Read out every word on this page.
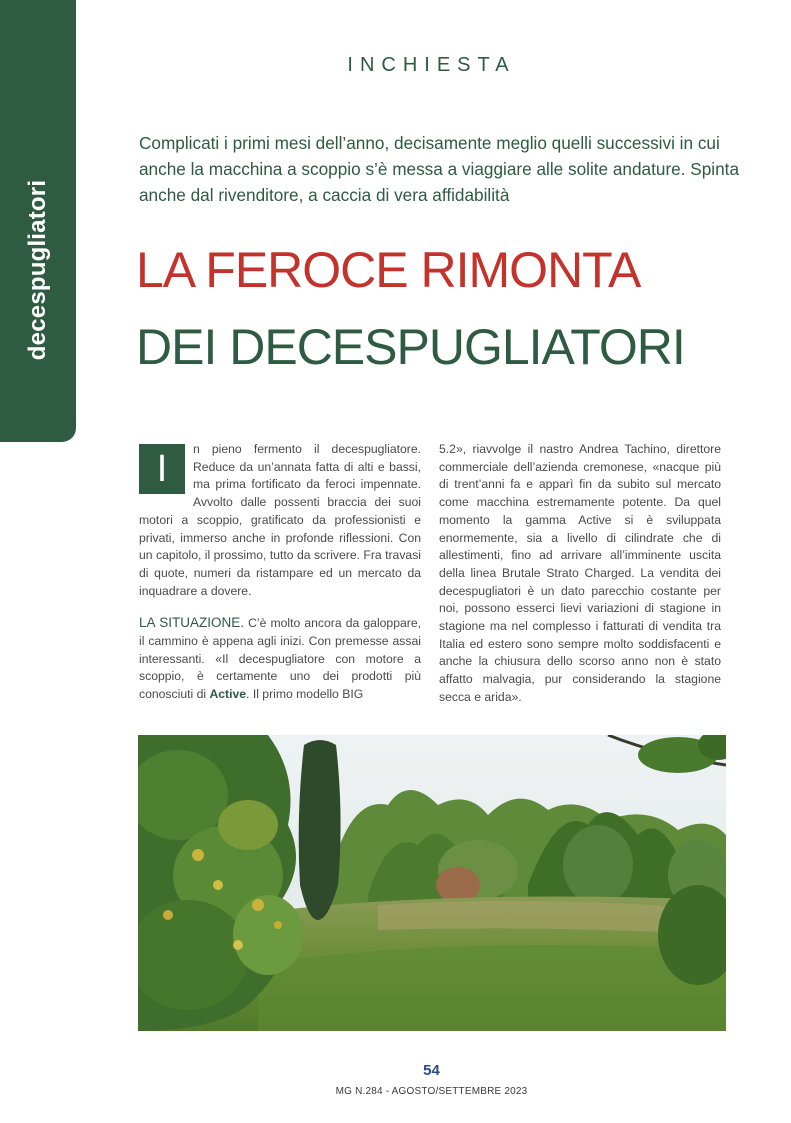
decespugliatori
INCHIESTA
Complicati i primi mesi dell’anno, decisamente meglio quelli successivi in cui anche la macchina a scoppio s’è messa a viaggiare alle solite andature. Spinta anche dal rivenditore, a caccia di vera affidabilità
LA FEROCE RIMONTA
DEI DECESPUGLIATORI

I	n pieno fermento il decespugliatore. Reduce da un’annata fatta di alti e bassi, ma prima fortificato da feroci impennate. Avvolto dalle possenti braccia dei suoi motori a scoppio, gratificato da professionisti e privati, immerso anche in profonde riflessioni. Con un capitolo, il prossimo, tutto da scrivere. Fra travasi di quote, numeri da ristampare ed un mercato da inquadrare a dovere.

LA SITUAZIONE. C’è molto ancora da galoppare, il cammino è appena agli inizi. Con premesse assai interessanti. «Il decespugliatore con motore a scoppio, è certamente uno dei prodotti più conosciuti di Active. Il primo modello BIG

5.2», riavvolge il nastro Andrea Tachino, direttore commerciale dell’azienda cremonese, «nacque più di trent’anni fa e apparì fin da subito sul mercato come macchina estremamente potente. Da quel momento la gamma Active si è sviluppata enormemente, sia a livello di cilindrate che di allestimenti, fino ad arrivare all’imminente uscita della linea Brutale Strato Charged. La vendita dei decespugliatori è un dato parecchio costante per noi, possono esserci lievi variazioni di stagione in stagione ma nel complesso i fatturati di vendita tra Italia ed estero sono sempre molto soddisfacenti e anche la chiusura dello scorso anno non è stato affatto malvagia, pur considerando la stagione secca e arida».

54
MG N.284 - AGOSTO/SETTEMBRE 2023
